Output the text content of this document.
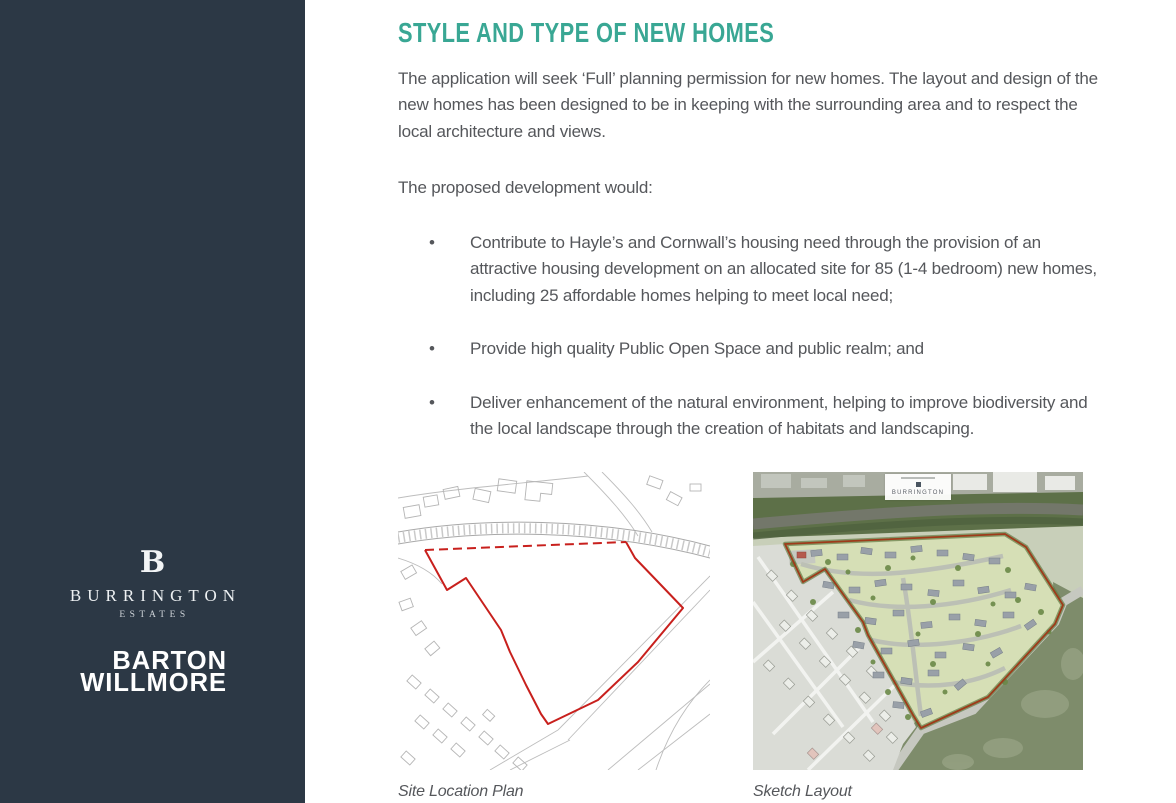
B
BURRINGTON
ESTATES
BARTON
WILLMORE
STYLE AND TYPE OF NEW HOMES

The application will seek ‘Full’ planning permission for new homes. The layout and design of the new homes has been designed to be in keeping with the surrounding area and to respect the local architecture and views.

The proposed development would:

• Contribute to Hayle’s and Cornwall’s housing need through the provision of an attractive housing development on an allocated site for 85 (1-4 bedroom) new homes, including 25 affordable homes helping to meet local need;
• Provide high quality Public Open Space and public realm; and
• Deliver enhancement of the natural environment, helping to improve biodiversity and the local landscape through the creation of habitats and landscaping.
Site Location Plan
BURRINGTON
Sketch Layout
